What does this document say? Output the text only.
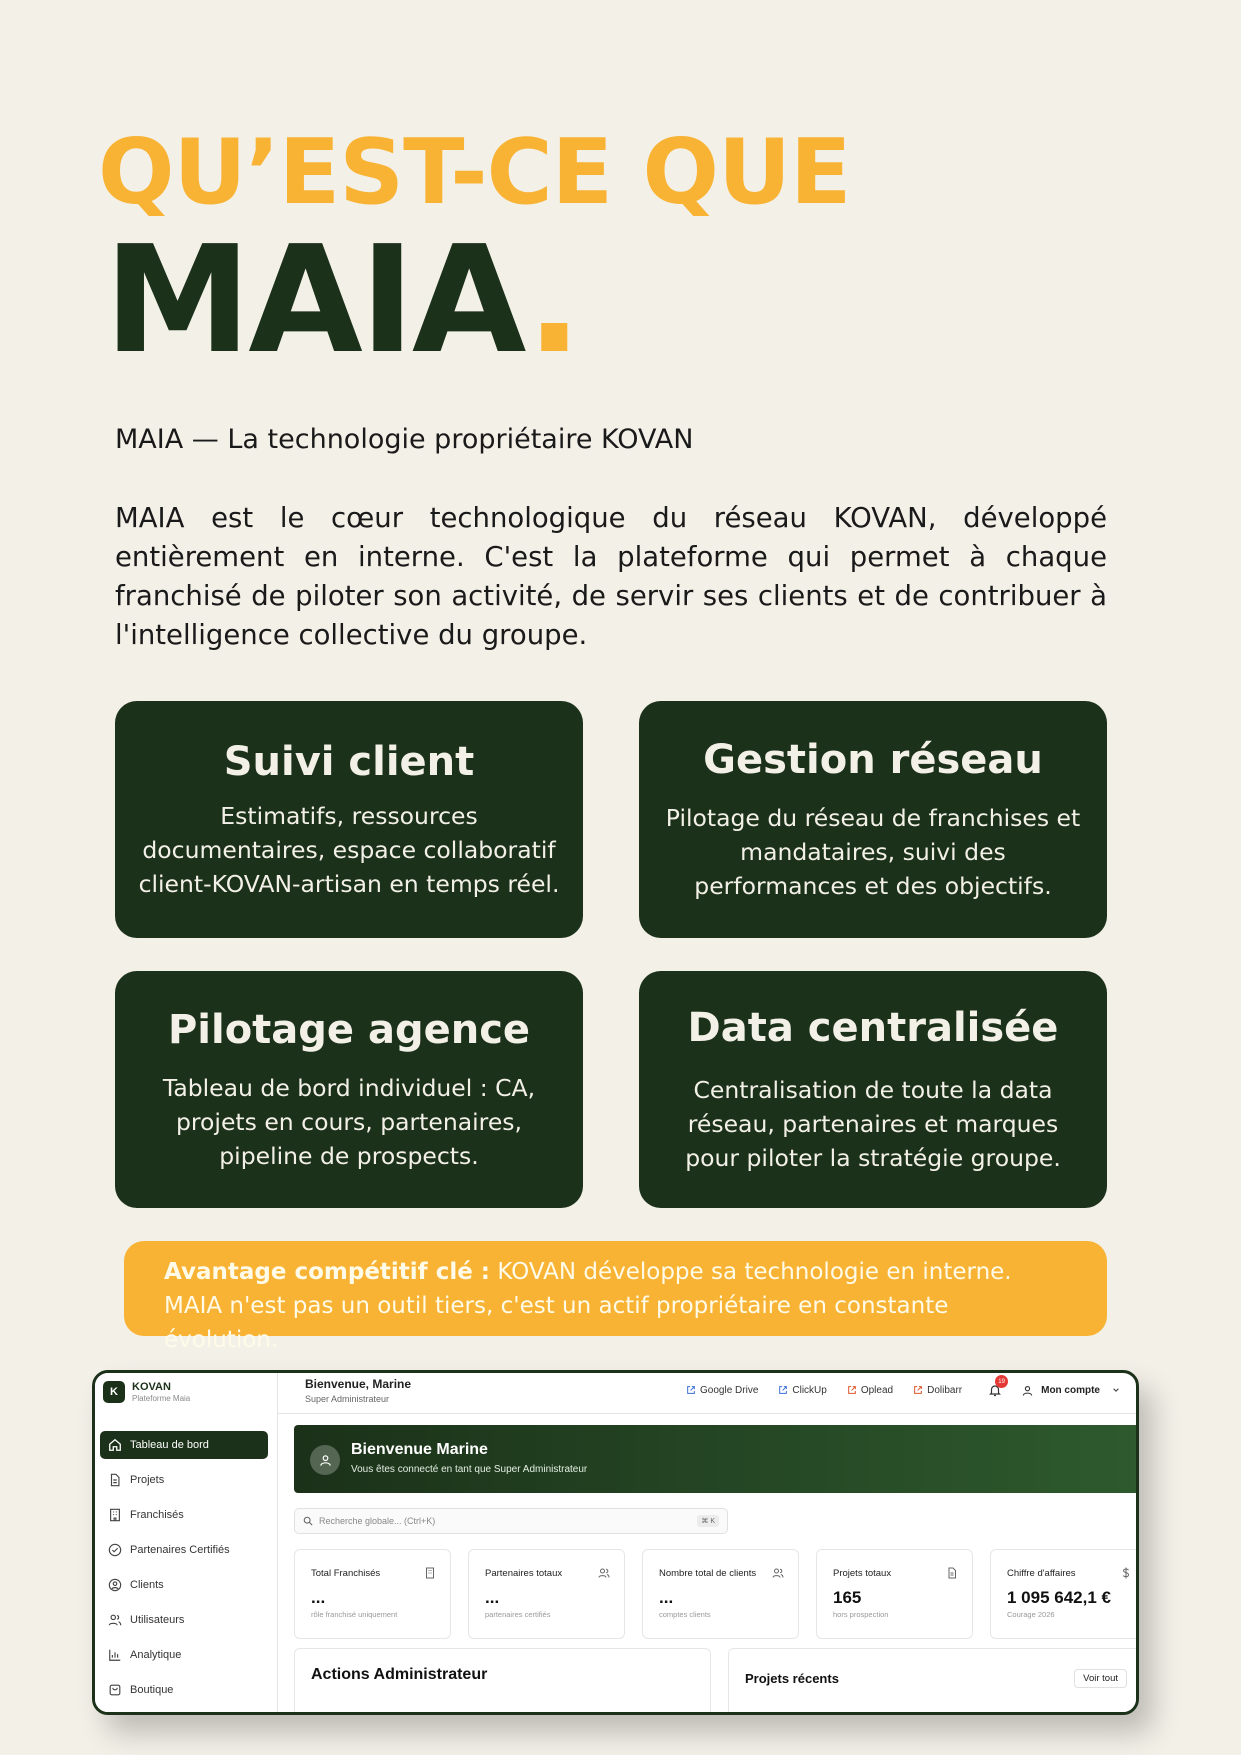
QU’EST-CE QUE
MAIA.

MAIA — La technologie propriétaire KOVAN

MAIA est le cœur technologique du réseau KOVAN, développé entièrement en interne. C'est la plateforme qui permet à chaque franchisé de piloter son activité, de servir ses clients et de contribuer à l'intelligence collective du groupe.

Suivi client

Estimatifs, ressources documentaires, espace collaboratif client-KOVAN-artisan en temps réel.

Gestion réseau

Pilotage du réseau de franchises et mandataires, suivi des performances et des objectifs.

Pilotage agence

Tableau de bord individuel : CA, projets en cours, partenaires, pipeline de prospects.

Data centralisée

Centralisation de toute la data réseau, partenaires et marques pour piloter la stratégie groupe.

Avantage compétitif clé : KOVAN développe sa technologie en interne. MAIA n'est pas un outil tiers, c'est un actif propriétaire en constante évolution.
K	KOVAN
Plateforme Maia
Tableau de bord
Projets
Franchisés
Partenaires Certifiés
Clients
Utilisateurs
Analytique
Boutique
Bienvenue, Marine
Super Administrateur
Google Drive	ClickUp	Oplead	Dolibarr
19
Mon compte
Bienvenue Marine
Vous êtes connecté en tant que Super Administrateur
Recherche globale... (Ctrl+K)	⌘ K
Total Franchisés
...
rôle franchisé uniquement
Partenaires totaux
...
partenaires certifiés
Nombre total de clients
...
comptes clients
Projets totaux
165
hors prospection
Chiffre d'affaires
1 095 642,1 €
Courage 2026
Actions Administrateur	Projets récents	Voir tout
